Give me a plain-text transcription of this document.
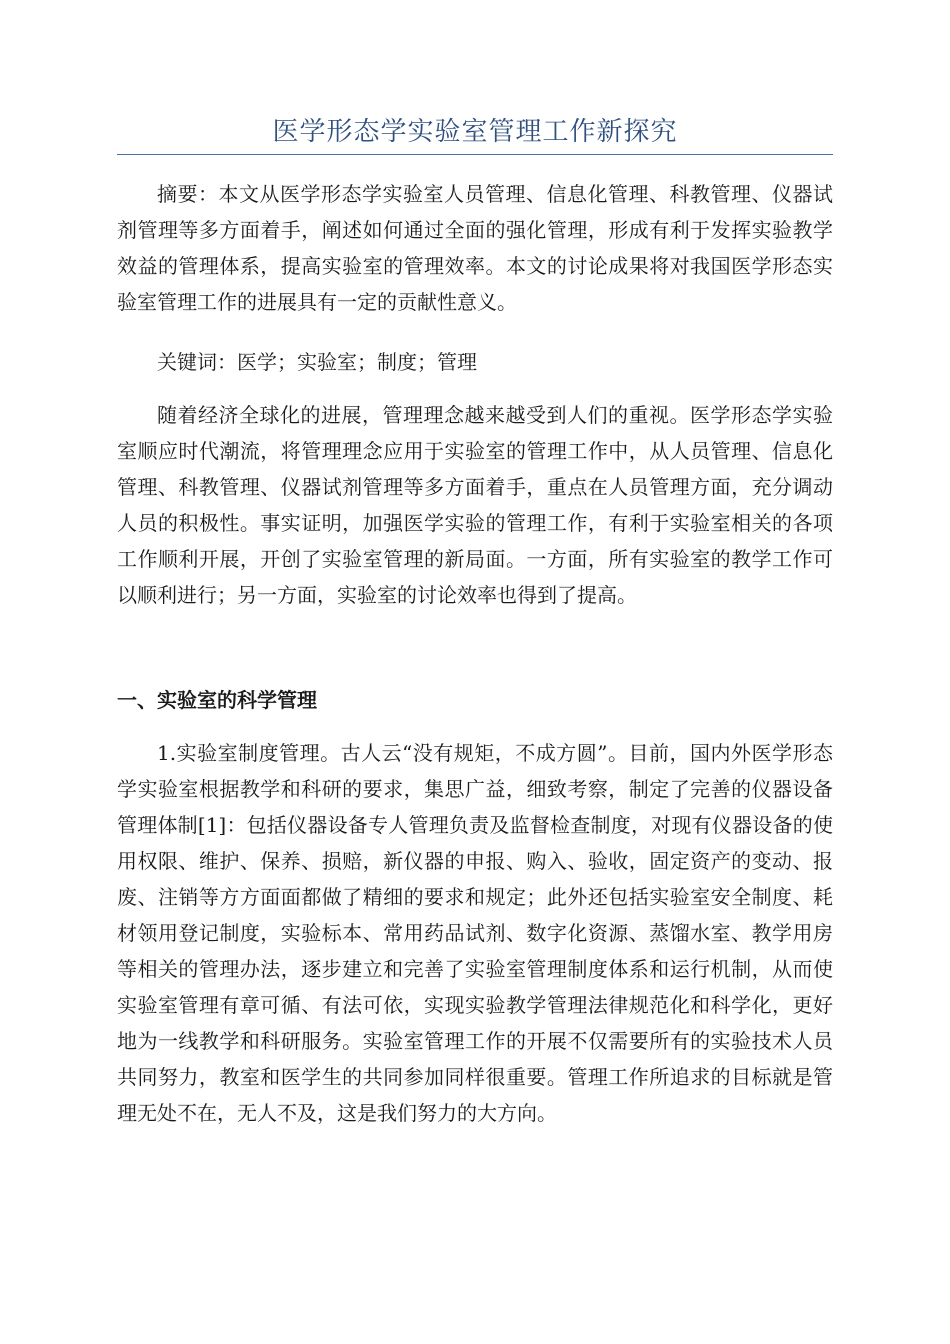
医学形态学实验室管理工作新探究

摘要：本文从医学形态学实验室人员管理、信息化管理、科教管理、仪器试剂管理等多方面着手，阐述如何通过全面的强化管理，形成有利于发挥实验教学效益的管理体系，提高实验室的管理效率。本文的讨论成果将对我国医学形态实验室管理工作的进展具有一定的贡献性意义。

关键词：医学；实验室；制度；管理

随着经济全球化的进展，管理理念越来越受到人们的重视。医学形态学实验室顺应时代潮流，将管理理念应用于实验室的管理工作中，从人员管理、信息化管理、科教管理、仪器试剂管理等多方面着手，重点在人员管理方面，充分调动人员的积极性。事实证明，加强医学实验的管理工作，有利于实验室相关的各项工作顺利开展，开创了实验室管理的新局面。一方面，所有实验室的教学工作可以顺利进行；另一方面，实验室的讨论效率也得到了提高。

一、实验室的科学管理

1.实验室制度管理。古人云“没有规矩，不成方圆”。目前，国内外医学形态学实验室根据教学和科研的要求，集思广益，细致考察，制定了完善的仪器设备管理体制[1]：包括仪器设备专人管理负责及监督检查制度，对现有仪器设备的使用权限、维护、保养、损赔，新仪器的申报、购入、验收，固定资产的变动、报废、注销等方方面面都做了精细的要求和规定；此外还包括实验室安全制度、耗材领用登记制度，实验标本、常用药品试剂、数字化资源、蒸馏水室、教学用房等相关的管理办法，逐步建立和完善了实验室管理制度体系和运行机制，从而使实验室管理有章可循、有法可依，实现实验教学管理法律规范化和科学化，更好地为一线教学和科研服务。实验室管理工作的开展不仅需要所有的实验技术人员共同努力，教室和医学生的共同参加同样很重要。管理工作所追求的目标就是管理无处不在，无人不及，这是我们努力的大方向。
